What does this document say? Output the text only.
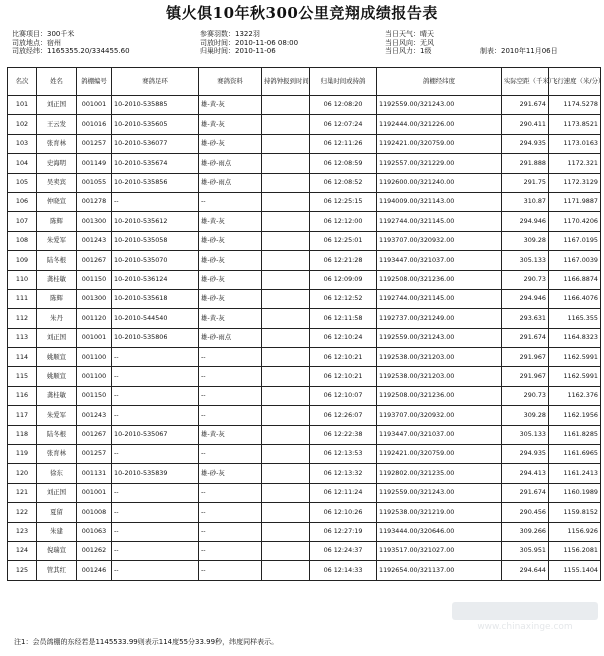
镇火俱10年秋300公里竞翔成绩报告表
比赛项目：300千米
司放地点：宿州
司放经纬：1165355.20/334455.60
参赛羽数：1322羽
司放时间：2010-11-06 08:00
归巢时间：2010-11-06
当日天气：晴天
当日风向：无风
当日风力：1级	制表：2010年11月06日
名次	姓名	鸽棚编号	赛鸽足环	赛鸽资料	持鸽钟报到时间	归巢时间或持鸽	鸽棚经纬度	实际空距（千米）	飞行速度（米/分）
101	刘正国	001001	10-2010-535885	雄-黄-灰		06 12:08:20	1192559.00/321243.00	291.674	1174.5278
102	王云发	001016	10-2010-535605	雄-黄-灰		06 12:07:24	1192444.00/321226.00	290.411	1173.8521
103	张育林	001257	10-2010-536077	雄-砂-灰		06 12:11:26	1192421.00/320759.00	294.935	1173.0163
104	史海明	001149	10-2010-535674	雄-砂-雨点		06 12:08:59	1192557.00/321229.00	291.888	1172.321
105	吴卖宾	001055	10-2010-535856	雄-砂-雨点		06 12:08:52	1192600.00/321240.00	291.75	1172.3129
106	仲晓宣	001278	--	--		06 12:25:15	1194009.00/321143.00	310.87	1171.9887
107	陈辉	001300	10-2010-535612	雄-黄-灰		06 12:12:00	1192744.00/321145.00	294.946	1170.4206
108	朱爱军	001243	10-2010-535058	雄-砂-灰		06 12:25:01	1193707.00/320932.00	309.28	1167.0195
109	陆冬根	001267	10-2010-535070	雄-砂-灰		06 12:21:28	1193447.00/321037.00	305.133	1167.0039
110	龚桂敏	001150	10-2010-536124	雄-砂-灰		06 12:09:09	1192508.00/321236.00	290.73	1166.8874
111	陈辉	001300	10-2010-535618	雄-砂-灰		06 12:12:52	1192744.00/321145.00	294.946	1166.4076
112	朱丹	001120	10-2010-544540	雄-黄-灰		06 12:11:58	1192737.00/321249.00	293.631	1165.355
113	刘正国	001001	10-2010-535806	雄-砂-雨点		06 12:10:24	1192559.00/321243.00	291.674	1164.8323
114	姚顺宣	001100	--	--		06 12:10:21	1192538.00/321203.00	291.967	1162.5991
115	姚顺宣	001100	--	--		06 12:10:21	1192538.00/321203.00	291.967	1162.5991
116	龚桂敏	001150	--	--		06 12:10:07	1192508.00/321236.00	290.73	1162.376
117	朱爱军	001243	--	--		06 12:26:07	1193707.00/320932.00	309.28	1162.1956
118	陆冬根	001267	10-2010-535067	雄-黄-灰		06 12:22:38	1193447.00/321037.00	305.133	1161.8285
119	张育林	001257	--	--		06 12:13:53	1192421.00/320759.00	294.935	1161.6965
120	徐东	001131	10-2010-535839	雄-砂-灰		06 12:13:32	1192802.00/321235.00	294.413	1161.2413
121	刘正国	001001	--	--		06 12:11:24	1192559.00/321243.00	291.674	1160.1989
122	夏留	001008	--	--		06 12:10:26	1192538.00/321219.00	290.456	1159.8152
123	朱建	001063	--	--		06 12:27:19	1193444.00/320646.00	309.266	1156.926
124	倪瑞宣	001262	--	--		06 12:24:37	1193517.00/321027.00	305.951	1156.2081
125	管其红	001246	--	--		06 12:14:33	1192654.00/321137.00	294.644	1155.1404
注1：会员鸽棚的东经若是1145533.99则表示114度55分33.99秒，纬度同样表示。
www.chinaxinge.com
